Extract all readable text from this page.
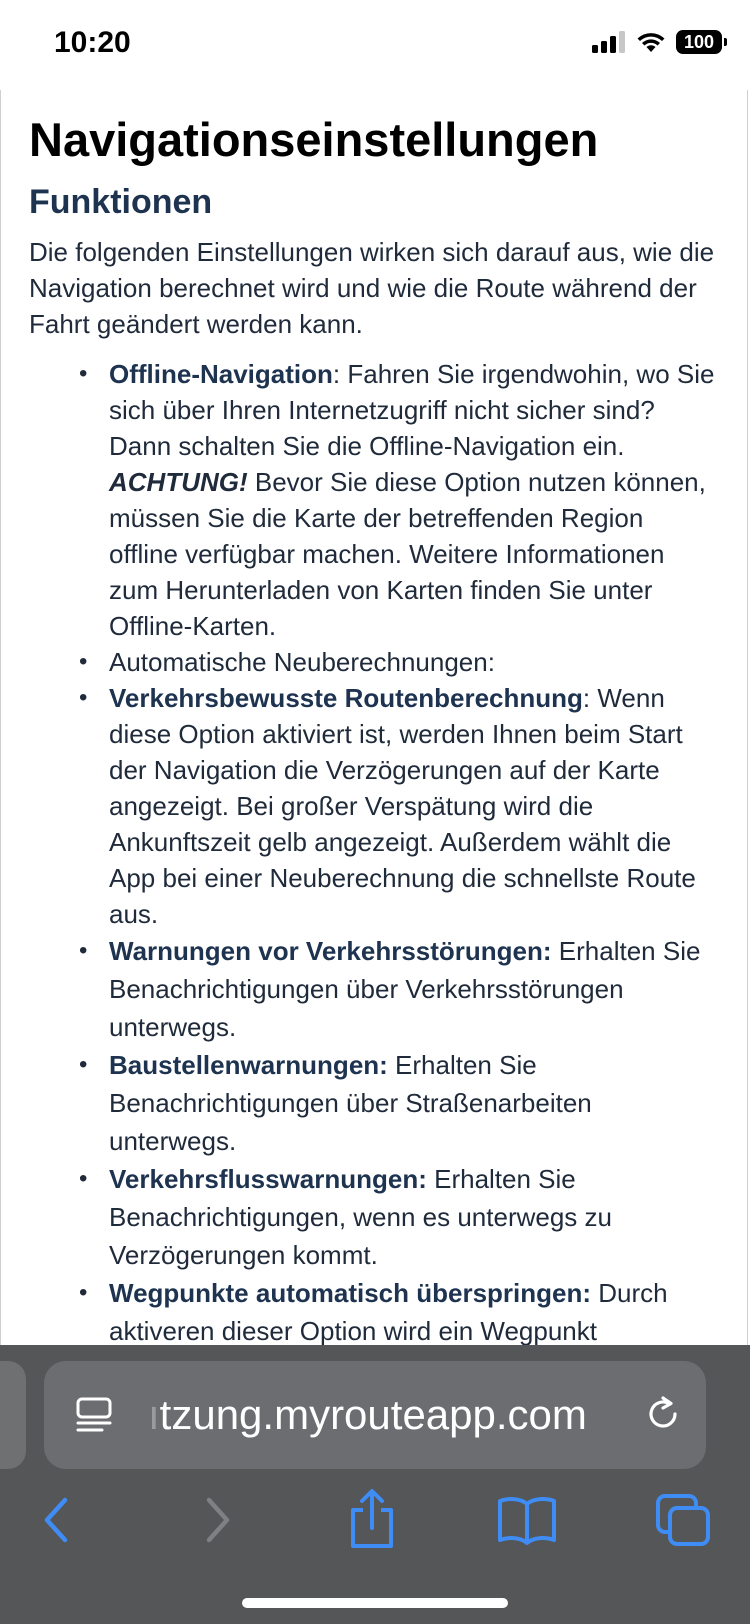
10:20	100
Navigationseinstellungen
Funktionen
Die folgenden Einstellungen wirken sich darauf aus, wie die Navigation berechnet wird und wie die Route während der Fahrt geändert werden kann.
• Offline-Navigation: Fahren Sie irgendwohin, wo Sie sich über Ihren Internetzugriff nicht sicher sind? Dann schalten Sie die Offline-Navigation ein. ACHTUNG! Bevor Sie diese Option nutzen können, müssen Sie die Karte der betreffenden Region offline verfügbar machen. Weitere Informationen zum Herunterladen von Karten finden Sie unter Offline-Karten.
• Automatische Neuberechnungen:
• Verkehrsbewusste Routenberechnung: Wenn diese Option aktiviert ist, werden Ihnen beim Start der Navigation die Verzögerungen auf der Karte angezeigt. Bei großer Verspätung wird die Ankunftszeit gelb angezeigt. Außerdem wählt die App bei einer Neuberechnung die schnellste Route aus.
• Warnungen vor Verkehrsstörungen: Erhalten Sie Benachrichtigungen über Verkehrsstörungen unterwegs.
• Baustellenwarnungen: Erhalten Sie Benachrichtigungen über Straßenarbeiten unterwegs.
• Verkehrsflusswarnungen: Erhalten Sie Benachrichtigungen, wenn es unterwegs zu Verzögerungen kommt.
• Wegpunkte automatisch überspringen: Durch aktiveren dieser Option wird ein Wegpunkt
ıtzung.myrouteapp.com
